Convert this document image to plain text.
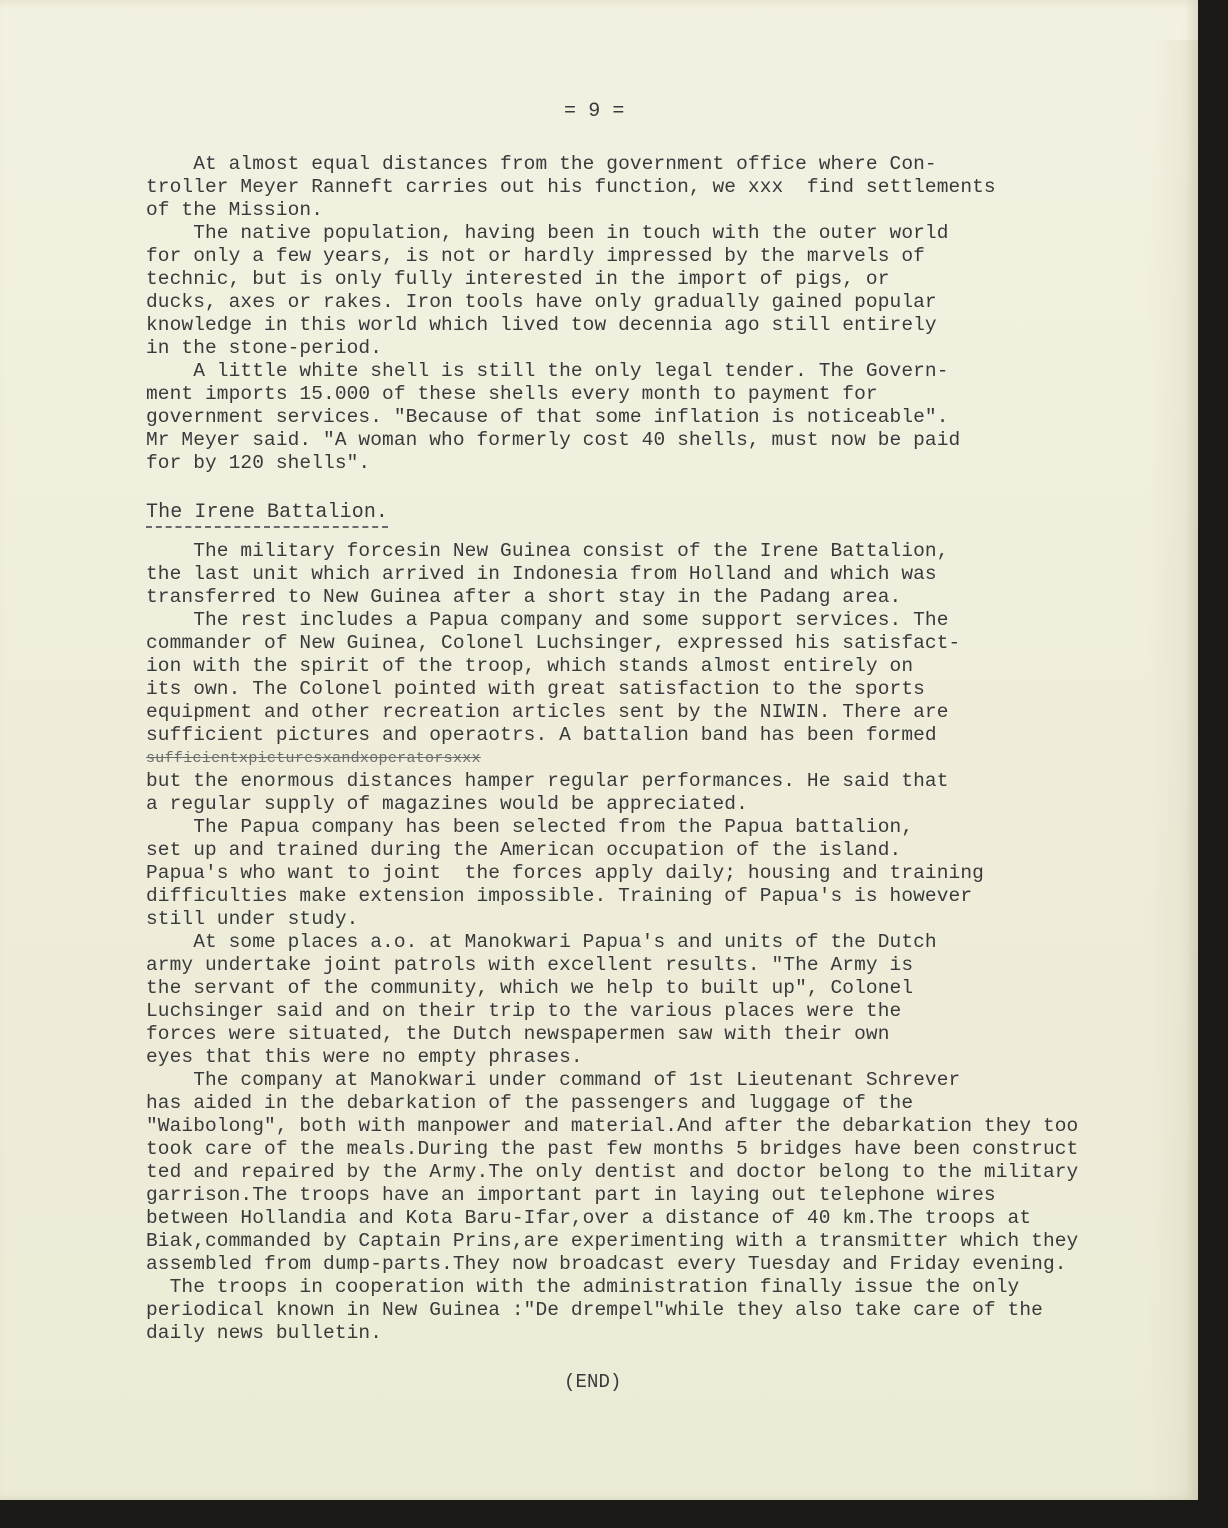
= 9 =

At almost equal distances from the government office where Con-
troller Meyer Ranneft carries out his function, we xxx  find settlements
of the Mission.

The native population, having been in touch with the outer world
for only a few years, is not or hardly impressed by the marvels of
technic, but is only fully interested in the import of pigs, or
ducks, axes or rakes. Iron tools have only gradually gained popular
knowledge in this world which lived tow decennia ago still entirely
in the stone-period.

A little white shell is still the only legal tender. The Govern-
ment imports 15.000 of these shells every month to payment for
government services. "Because of that some inflation is noticeable".
Mr Meyer said. "A woman who formerly cost 40 shells, must now be paid
for by 120 shells".

The Irene Battalion.
The military forcesin New Guinea consist of the Irene Battalion,
the last unit which arrived in Indonesia from Holland and which was
transferred to New Guinea after a short stay in the Padang area.
The rest includes a Papua company and some support services. The
commander of New Guinea, Colonel Luchsinger, expressed his satisfact-
ion with the spirit of the troop, which stands almost entirely on
its own. The Colonel pointed with great satisfaction to the sports
equipment and other recreation articles sent by the NIWIN. There are
sufficient pictures and operaotrs. A battalion band has been formed
sufficientxpicturesxandxoperatorsxxx
but the enormous distances hamper regular performances. He said that
a regular supply of magazines would be appreciated.
The Papua company has been selected from the Papua battalion,
set up and trained during the American occupation of the island.
Papua's who want to joint  the forces apply daily; housing and training
difficulties make extension impossible. Training of Papua's is however
still under study.
At some places a.o. at Manokwari Papua's and units of the Dutch
army undertake joint patrols with excellent results. "The Army is
the servant of the community, which we help to built up", Colonel
Luchsinger said and on their trip to the various places were the
forces were situated, the Dutch newspapermen saw with their own
eyes that this were no empty phrases.
The company at Manokwari under command of 1st Lieutenant Schrever
has aided in the debarkation of the passengers and luggage of the
"Waibolong", both with manpower and material.And after the debarkation they too
took care of the meals.During the past few months 5 bridges have been construct
ted and repaired by the Army.The only dentist and doctor belong to the military
garrison.The troops have an important part in laying out telephone wires
between Hollandia and Kota Baru-Ifar,over a distance of 40 km.The troops at
Biak,commanded by Captain Prins,are experimenting with a transmitter which they
assembled from dump-parts.They now broadcast every Tuesday and Friday evening.
The troops in cooperation with the administration finally issue the only
periodical known in New Guinea :"De drempel"while they also take care of the
daily news bulletin.
(END)
